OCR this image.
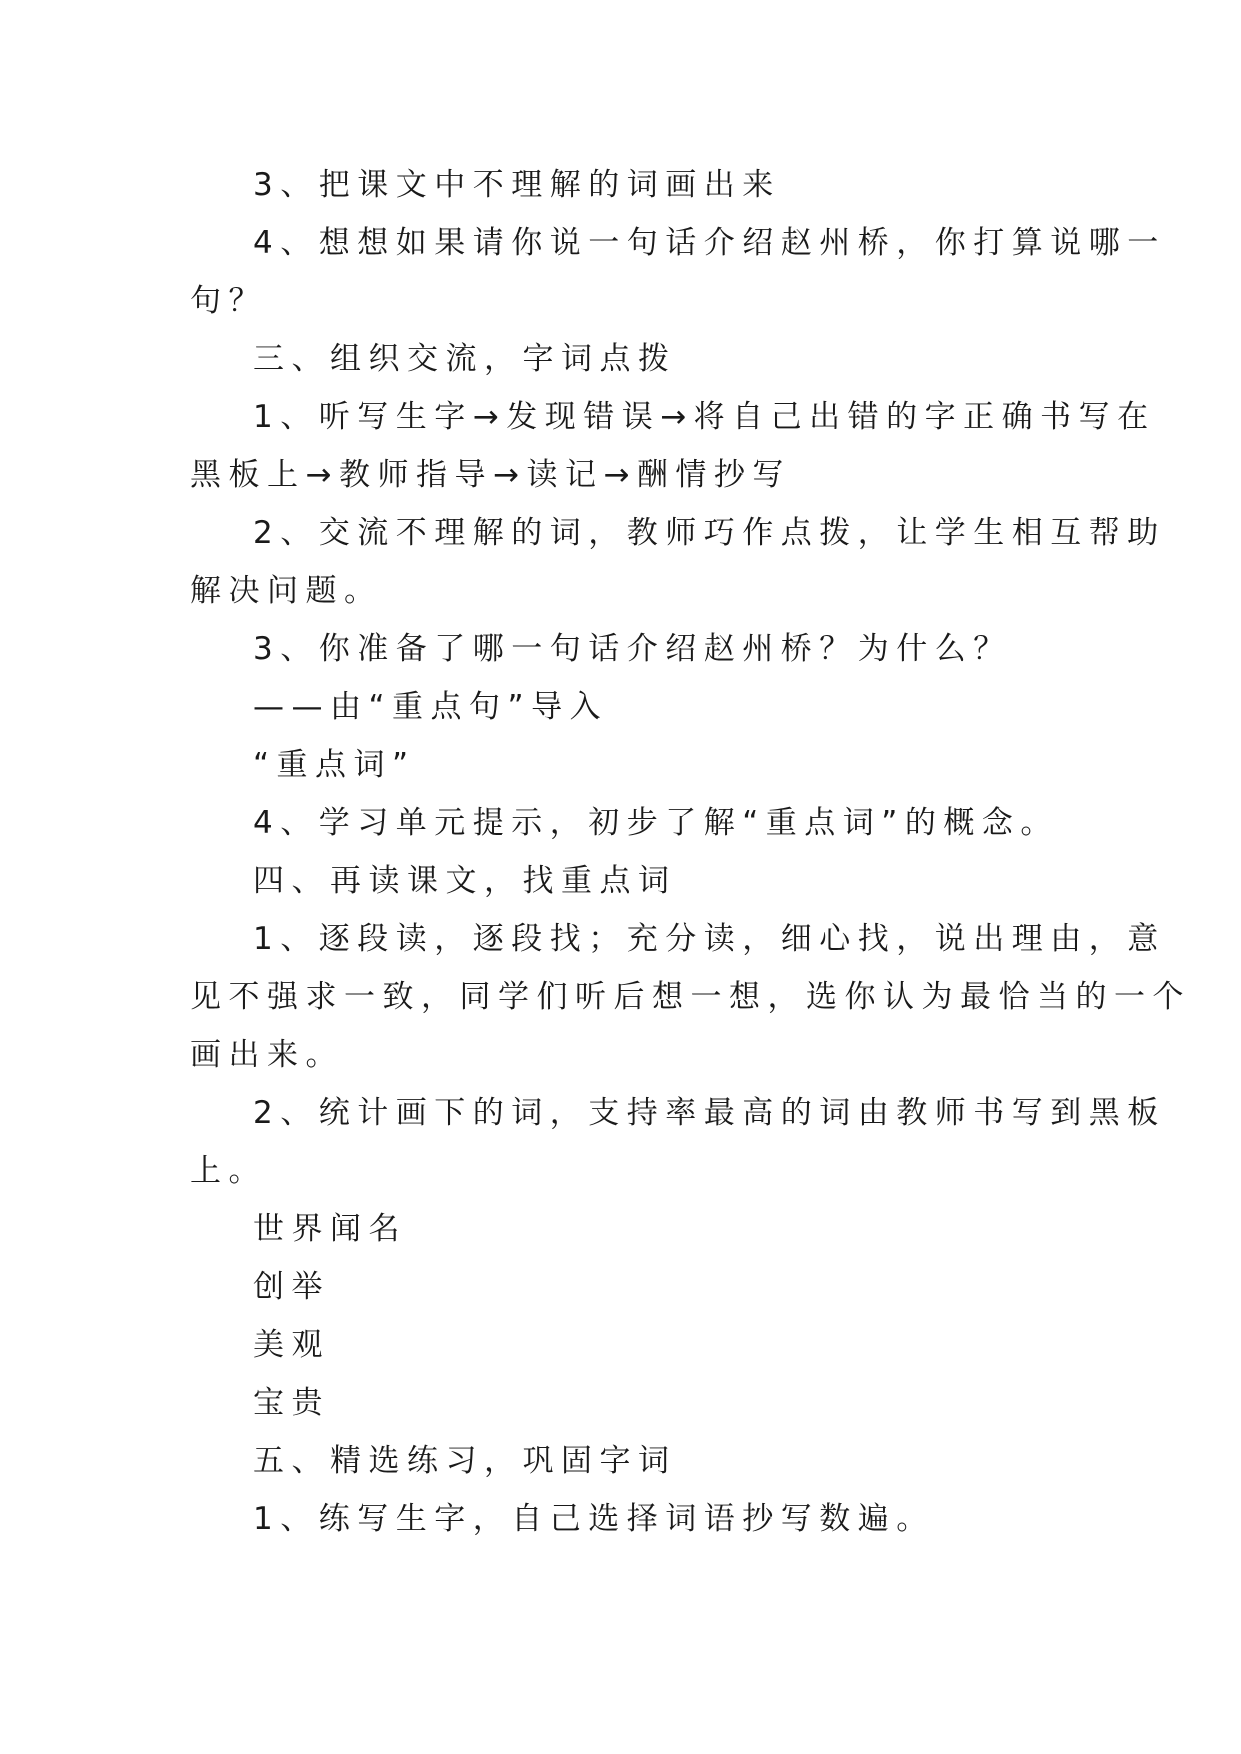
3、把课文中不理解的词画出来
4、想想如果请你说一句话介绍赵州桥，你打算说哪一
句？
三、组织交流，字词点拨
1、听写生字→发现错误→将自己出错的字正确书写在
黑板上→教师指导→读记→酬情抄写
2、交流不理解的词，教师巧作点拨，让学生相互帮助
解决问题。
3、你准备了哪一句话介绍赵州桥？为什么？
——由“重点句”导入
“重点词”
4、学习单元提示，初步了解“重点词”的概念。
四、再读课文，找重点词
1、逐段读，逐段找；充分读，细心找，说出理由，意
见不强求一致，同学们听后想一想，选你认为最恰当的一个
画出来。
2、统计画下的词，支持率最高的词由教师书写到黑板
上。
世界闻名
创举
美观
宝贵
五、精选练习，巩固字词
1、练写生字，自己选择词语抄写数遍。
